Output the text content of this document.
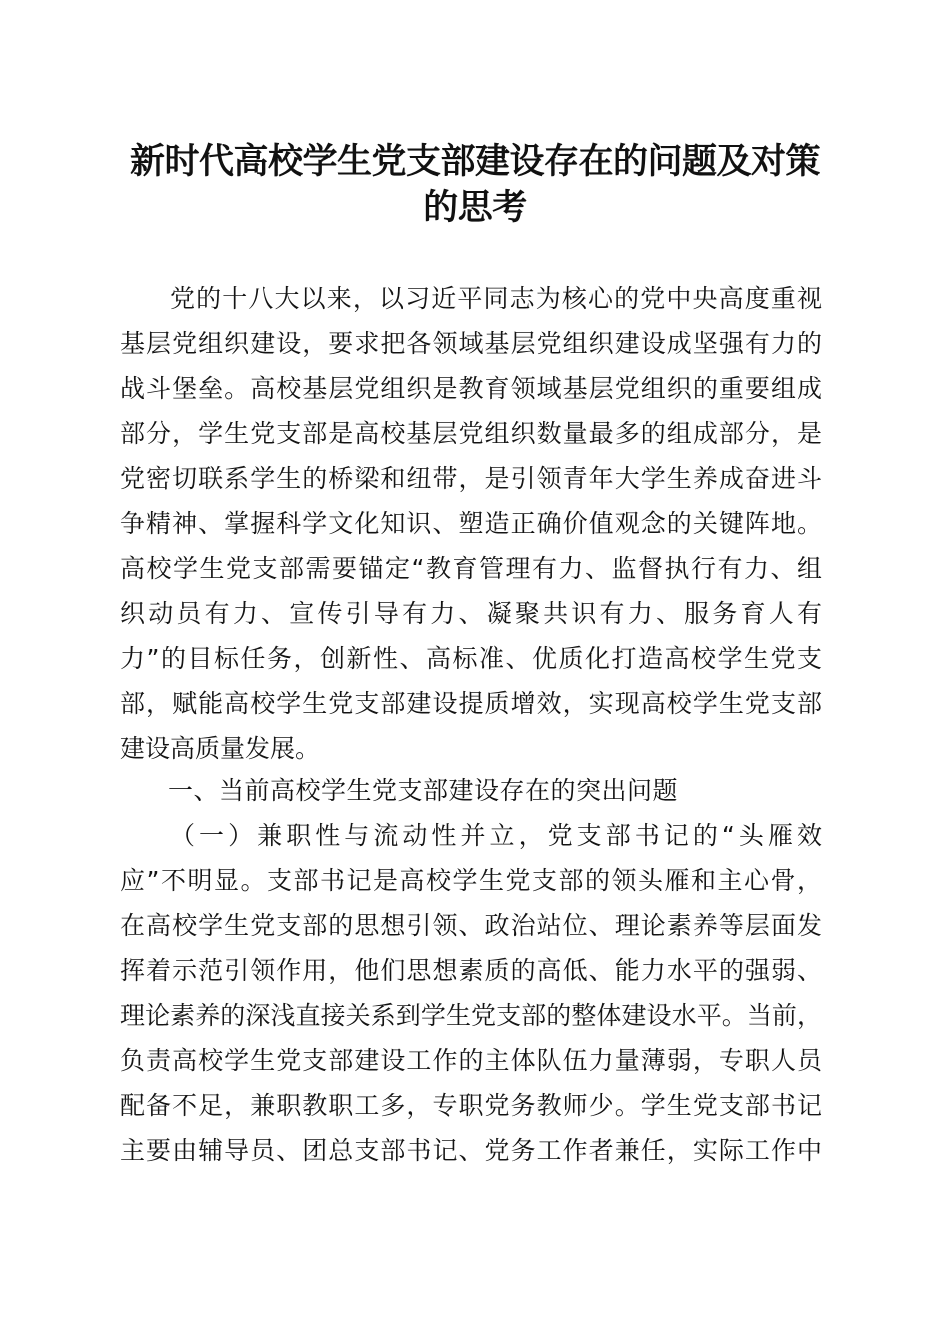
新时代高校学生党支部建设存在的问题及对策
的思考
党的十八大以来，以习近平同志为核心的党中央高度重视
基层党组织建设，要求把各领域基层党组织建设成坚强有力的
战斗堡垒。高校基层党组织是教育领域基层党组织的重要组成
部分，学生党支部是高校基层党组织数量最多的组成部分，是
党密切联系学生的桥梁和纽带，是引领青年大学生养成奋进斗
争精神、掌握科学文化知识、塑造正确价值观念的关键阵地。
高校学生党支部需要锚定“教育管理有力、监督执行有力、组
织动员有力、宣传引导有力、凝聚共识有力、服务育人有
力”的目标任务，创新性、高标准、优质化打造高校学生党支
部，赋能高校学生党支部建设提质增效，实现高校学生党支部
建设高质量发展。
一、当前高校学生党支部建设存在的突出问题
（一）兼职性与流动性并立，党支部书记的“头雁效
应”不明显。支部书记是高校学生党支部的领头雁和主心骨，
在高校学生党支部的思想引领、政治站位、理论素养等层面发
挥着示范引领作用，他们思想素质的高低、能力水平的强弱、
理论素养的深浅直接关系到学生党支部的整体建设水平。当前，
负责高校学生党支部建设工作的主体队伍力量薄弱，专职人员
配备不足，兼职教职工多，专职党务教师少。学生党支部书记
主要由辅导员、团总支部书记、党务工作者兼任，实际工作中
